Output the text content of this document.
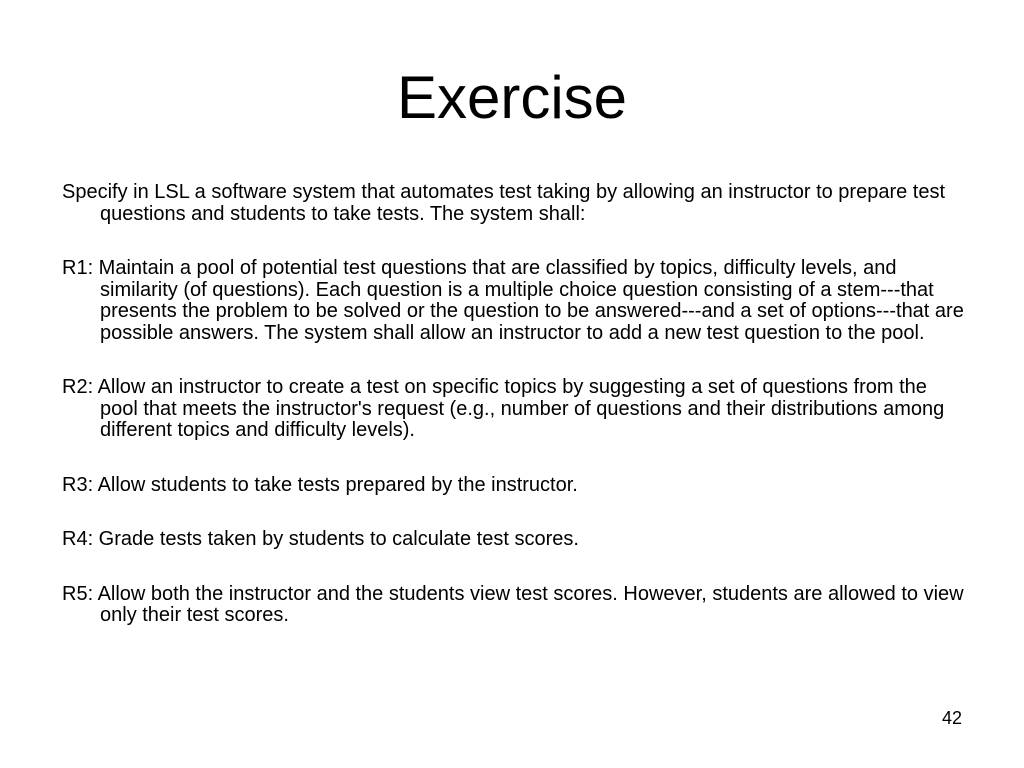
Exercise

Specify in LSL a software system that automates test taking by allowing an instructor to prepare test questions and students to take tests. The system shall:

R1: Maintain a pool of potential test questions that are classified by topics, difficulty levels, and similarity (of questions). Each question is a multiple choice question consisting of a stem---that presents the problem to be solved or the question to be answered---and a set of options---that are possible answers. The system shall allow an instructor to add a new test question to the pool.

R2: Allow an instructor to create a test on specific topics by suggesting a set of questions from the pool that meets the instructor's request (e.g., number of questions and their distributions among different topics and difficulty levels).

R3: Allow students to take tests prepared by the instructor.

R4: Grade tests taken by students to calculate test scores.

R5: Allow both the instructor and the students view test scores. However, students are allowed to view only their test scores.

42
